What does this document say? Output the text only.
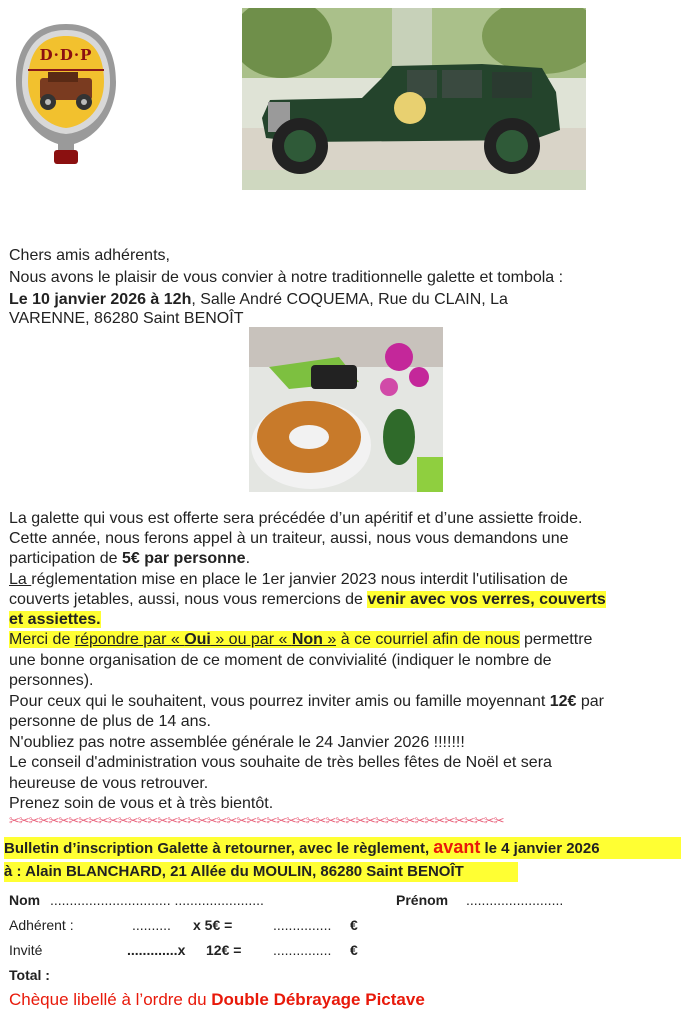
D·D·P
Chers amis adhérents,
Nous avons le plaisir de vous convier à notre traditionnelle galette et tombola :
Le 10 janvier 2026 à 12h, Salle André COQUEMA, Rue du CLAIN, La
VARENNE, 86280 Saint BENOÎT
La galette qui vous est offerte sera précédée d’un apéritif et d’une assiette froide.
Cette année, nous ferons appel à un traiteur, aussi, nous vous demandons une
participation de 5€ par personne.
La réglementation mise en place le 1er janvier 2023 nous interdit l'utilisation de
couverts jetables, aussi, nous vous remercions de venir avec vos verres, couverts
et assiettes.
Merci de répondre par « Oui » ou par « Non » à ce courriel afin de nous permettre
une bonne organisation de ce moment de convivialité (indiquer le nombre de
personnes).
Pour ceux qui le souhaitent, vous pourrez inviter amis ou famille moyennant 12€ par
personne de plus de 14 ans.
N'oubliez pas notre assemblée générale le 24 Janvier 2026 !!!!!!!
Le conseil d'administration vous souhaite de très belles fêtes de Noël et sera
heureuse de vous retrouver.
Prenez soin de vous et à très bientôt.
✂✂✂✂✂✂✂✂✂✂✂✂✂✂✂✂✂✂✂✂✂✂✂✂✂✂✂✂✂✂✂✂✂✂✂✂✂✂✂✂✂✂✂✂✂✂✂✂✂✂
Bulletin d’inscription Galette à retourner, avec le règlement, avant le 4 janvier 2026
à : Alain BLANCHARD, 21 Allée du MOULIN, 86280 Saint BENOÎT
Nom ............................... .......................	Prénom .........................
Adhérent :	.......... x 5€ =	............... €
Invité	.............x 12€ = ............... €
Total :
Chèque libellé à l’ordre du Double Débrayage Pictave
